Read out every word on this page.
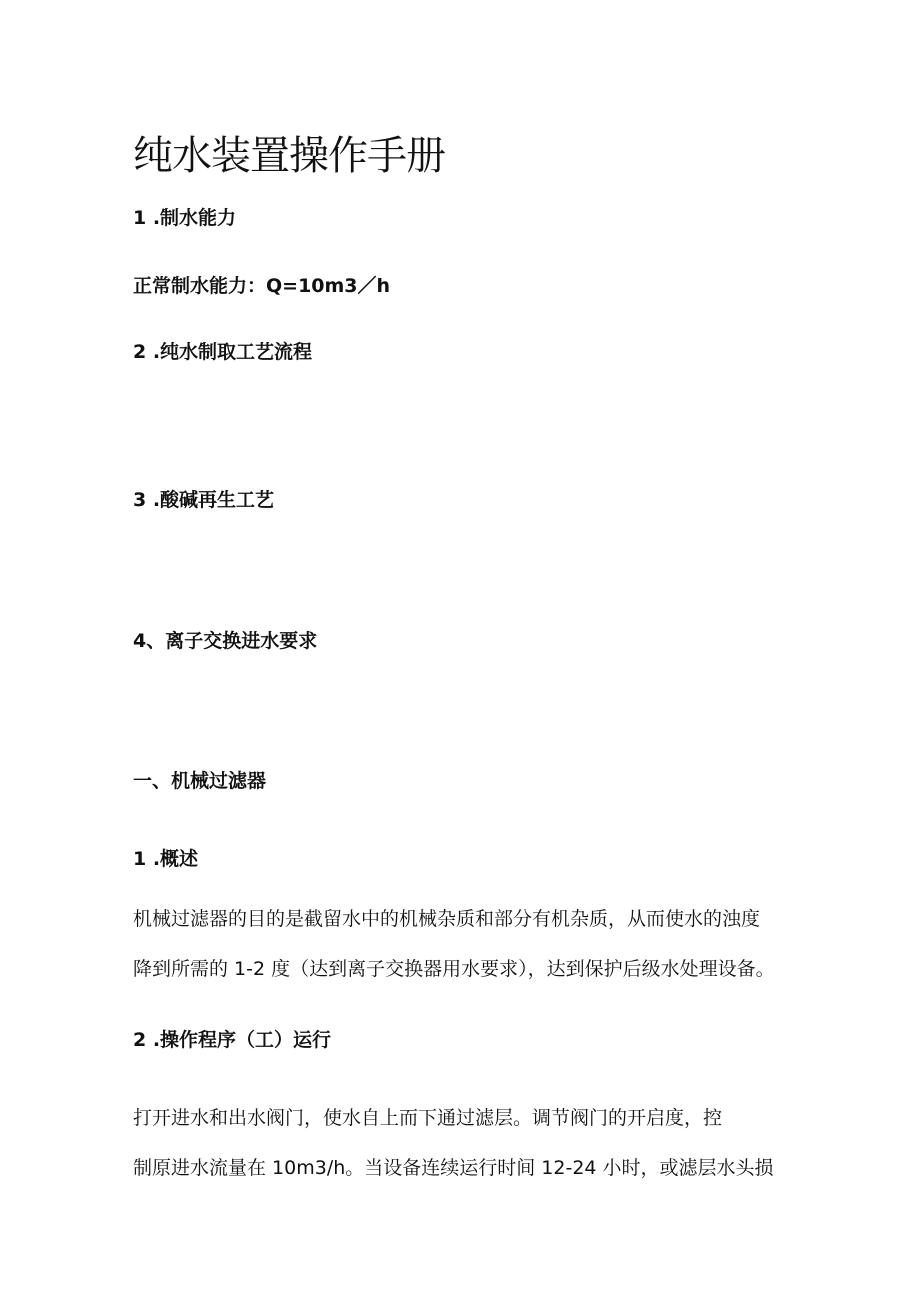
纯水装置操作手册
1 .制水能力
正常制水能力：Q=10m3／h
2 .纯水制取工艺流程
3 .酸碱再生工艺
4、离子交换进水要求
一、机械过滤器
1 .概述
机械过滤器的目的是截留水中的机械杂质和部分有机杂质，从而使水的浊度
降到所需的 1-2 度（达到离子交换器用水要求），达到保护后级水处理设备。
2 .操作程序（工）运行
打开进水和出水阀门，使水自上而下通过滤层。调节阀门的开启度，控
制原进水流量在 10m3∕h。当设备连续运行时间 12-24 小时，或滤层水头损
